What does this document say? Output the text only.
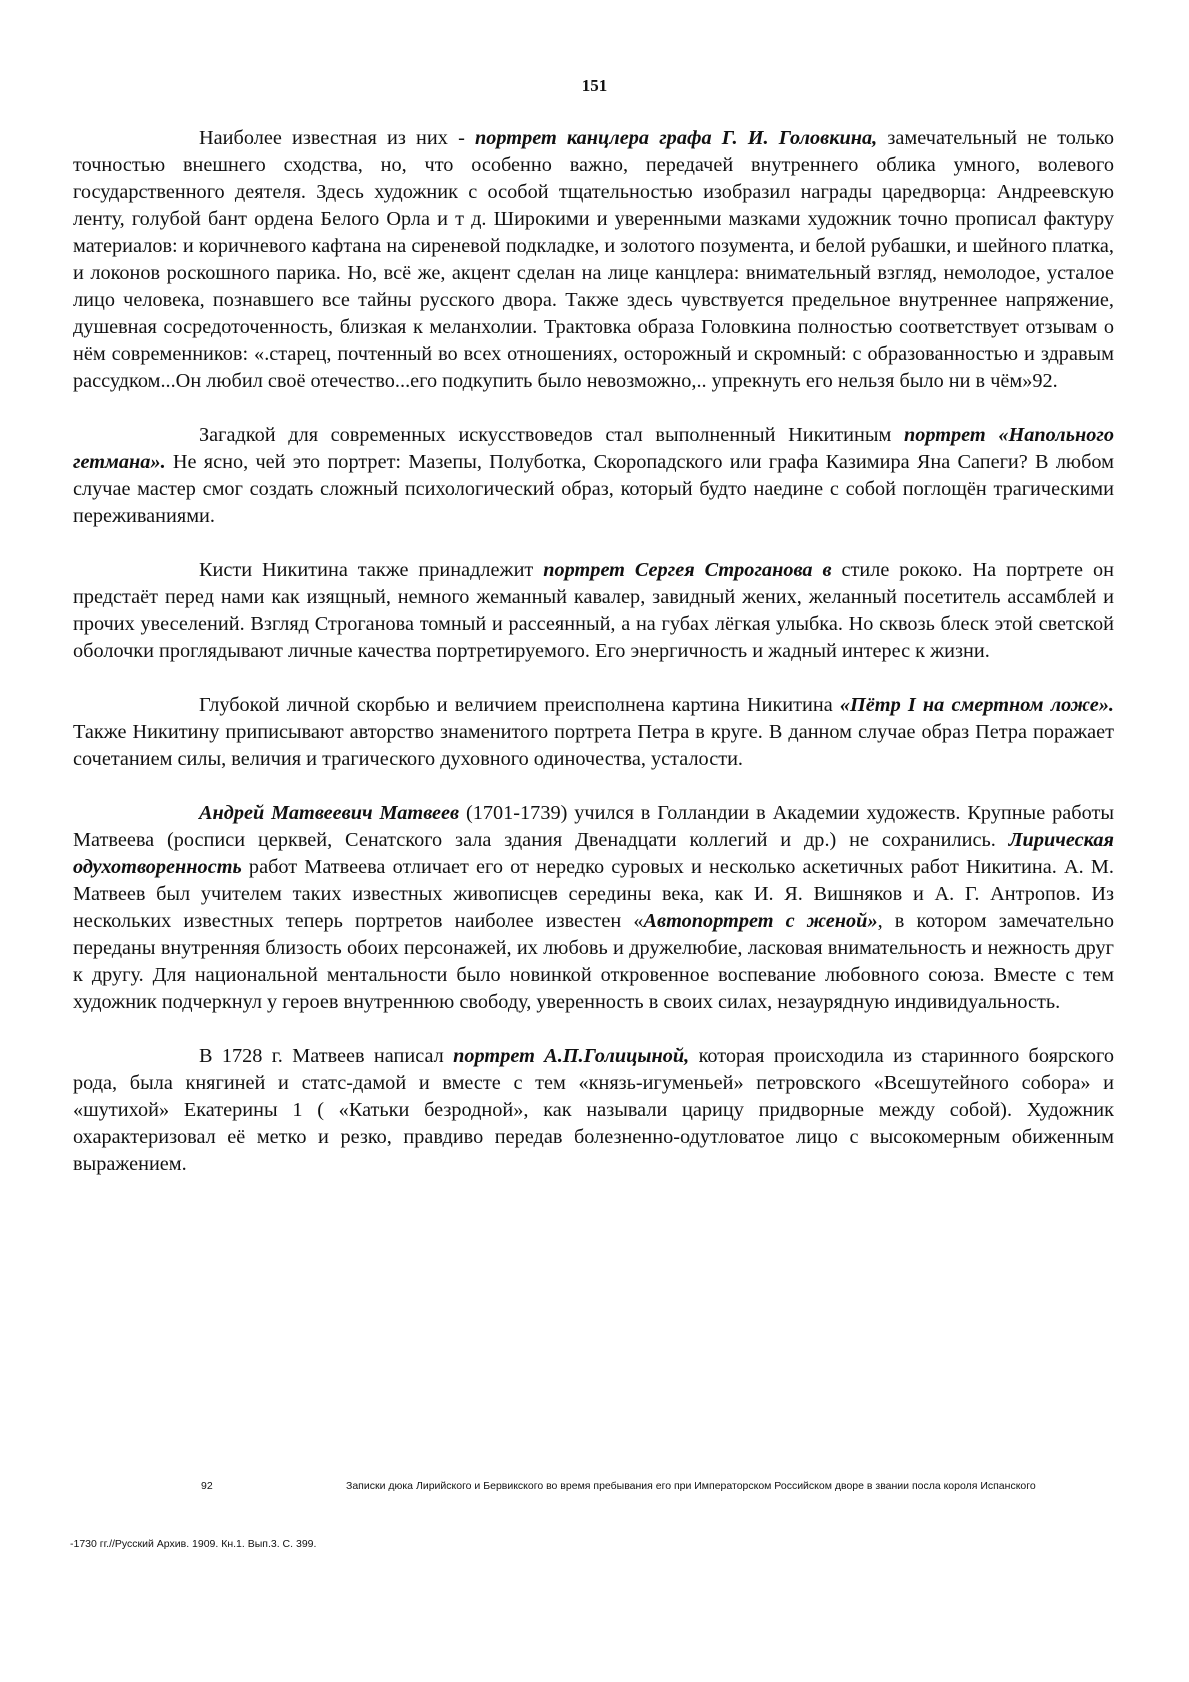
151

Наиболее известная из них - портрет канцлера графа Г. И. Головкина, замечательный не только точностью внешнего сходства, но, что особенно важно, передачей внутреннего облика умного, волевого государственного деятеля. Здесь художник с особой тщательностью изобразил награды царедворца: Андреевскую ленту, голубой бант ордена Белого Орла и т д. Широкими и уверенными мазками художник точно прописал фактуру материалов: и коричневого кафтана на сиреневой подкладке, и золотого позумента, и белой рубашки, и шейного платка, и локонов роскошного парика. Но, всё же, акцент сделан на лице канцлера: внимательный взгляд, немолодое, усталое лицо человека, познавшего все тайны русского двора. Также здесь чувствуется предельное внутреннее напряжение, душевная сосредоточенность, близкая к меланхолии. Трактовка образа Головкина полностью соответствует отзывам о нём современников: «.старец, почтенный во всех отношениях, осторожный и скромный: с образованностью и здравым рассудком...Он любил своё отечество...его подкупить было невозможно,.. упрекнуть его нельзя было ни в чём»92.

Загадкой для современных искусствоведов стал выполненный Никитиным портрет «Напольного гетмана». Не ясно, чей это портрет: Мазепы, Полуботка, Скоропадского или графа Казимира Яна Сапеги? В любом случае мастер смог создать сложный психологический образ, который будто наедине с собой поглощён трагическими переживаниями.

Кисти Никитина также принадлежит портрет Сергея Строганова в стиле рококо. На портрете он предстаёт перед нами как изящный, немного жеманный кавалер, завидный жених, желанный посетитель ассамблей и прочих увеселений. Взгляд Строганова томный и рассеянный, а на губах лёгкая улыбка. Но сквозь блеск этой светской оболочки проглядывают личные качества портретируемого. Его энергичность и жадный интерес к жизни.

Глубокой личной скорбью и величием преисполнена картина Никитина «Пётр I на смертном ложе». Также Никитину приписывают авторство знаменитого портрета Петра в круге. В данном случае образ Петра поражает сочетанием силы, величия и трагического духовного одиночества, усталости.

Андрей Матвеевич Матвеев (1701-1739) учился в Голландии в Академии художеств. Крупные работы Матвеева (росписи церквей, Сенатского зала здания Двенадцати коллегий и др.) не сохранились. Лирическая одухотворенность работ Матвеева отличает его от нередко суровых и несколько аскетичных работ Никитина. А. М. Матвеев был учителем таких известных живописцев середины века, как И. Я. Вишняков и А. Г. Антропов. Из нескольких известных теперь портретов наиболее известен «Автопортрет с женой», в котором замечательно переданы внутренняя близость обоих персонажей, их любовь и дружелюбие, ласковая внимательность и нежность друг к другу. Для национальной ментальности было новинкой откровенное воспевание любовного союза. Вместе с тем художник подчеркнул у героев внутреннюю свободу, уверенность в своих силах, незаурядную индивидуальность.

В 1728 г. Матвеев написал портрет А.П.Голицыной, которая происходила из старинного боярского рода, была княгиней и статс-дамой и вместе с тем «князь-игуменьей» петровского «Всешутейного собора» и «шутихой» Екатерины 1 ( «Катьки безродной», как называли царицу придворные между собой). Художник охарактеризовал её метко и резко, правдиво передав болезненно-одутловатое лицо с высокомерным обиженным выражением.

92	Записки дюка Лирийского и Бервикского во время пребывания его при Императорском Российском дворе в звании посла короля Испанского
-1730 гг.//Русский Архив. 1909. Кн.1. Вып.3. С. 399.
